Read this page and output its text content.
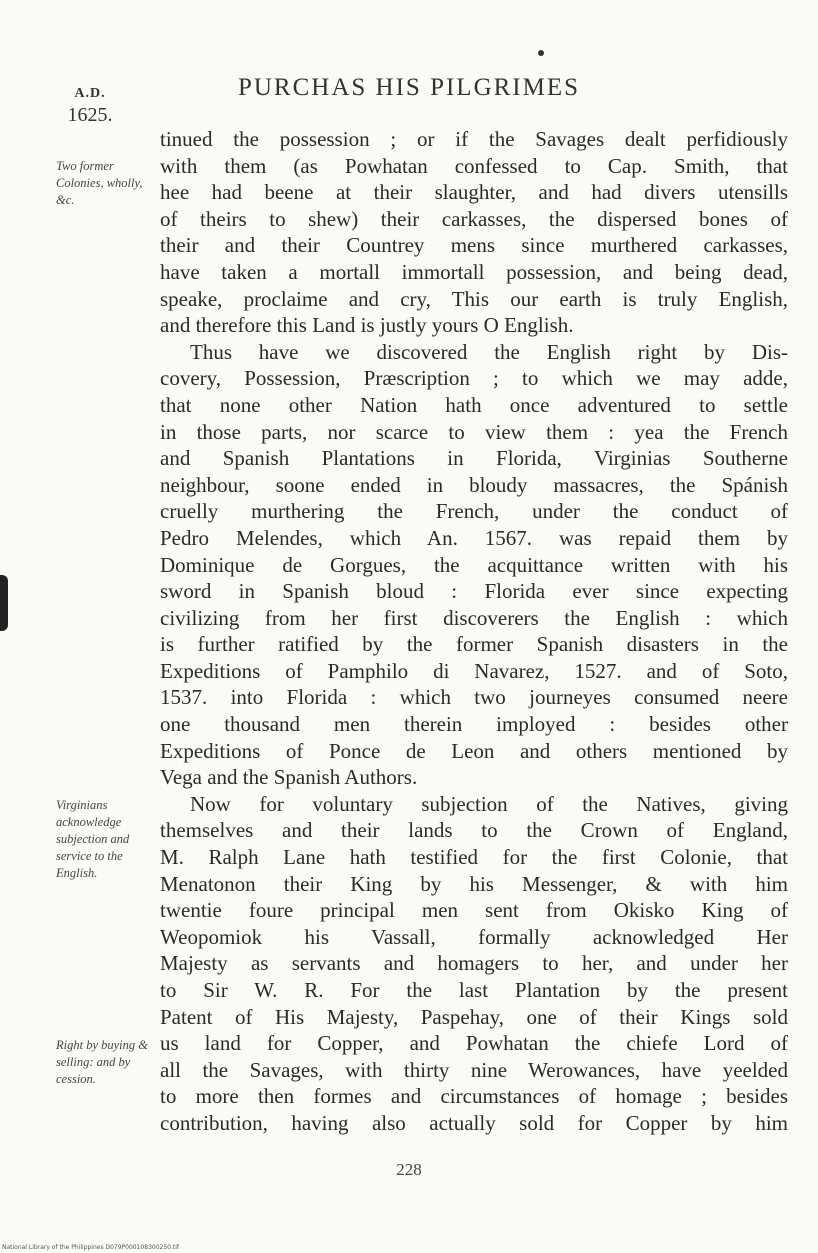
PURCHAS HIS PILGRIMES
A.D.
1625.
Two former Colonies, wholly, &c.
Virginians acknowledge subjection and service to the English.
Right by buying & selling: and by cession.
tinued the possession ; or if the Savages dealt perfidiously
with them (as Powhatan confessed to Cap. Smith, that
hee had beene at their slaughter, and had divers utensills
of theirs to shew) their carkasses, the dispersed bones of
their and their Countrey mens since murthered carkasses,
have taken a mortall immortall possession, and being dead,
speake, proclaime and cry, This our earth is truly English,
and therefore this Land is justly yours O English.
Thus have we discovered the English right by Dis-
covery, Possession, Præscription ; to which we may adde,
that none other Nation hath once adventured to settle
in those parts, nor scarce to view them : yea the French
and Spanish Plantations in Florida, Virginias Southerne
neighbour, soone ended in bloudy massacres, the Spánish
cruelly murthering the French, under the conduct of
Pedro Melendes, which An. 1567. was repaid them by
Dominique de Gorgues, the acquittance written with his
sword in Spanish bloud : Florida ever since expecting
civilizing from her first discoverers the English : which
is further ratified by the former Spanish disasters in the
Expeditions of Pamphilo di Navarez, 1527. and of Soto,
1537. into Florida : which two journeyes consumed neere
one thousand men therein imployed : besides other
Expeditions of Ponce de Leon and others mentioned by
Vega and the Spanish Authors.
Now for voluntary subjection of the Natives, giving
themselves and their lands to the Crown of England,
M. Ralph Lane hath testified for the first Colonie, that
Menatonon their King by his Messenger, & with him
twentie foure principal men sent from Okisko King of
Weopomiok his Vassall, formally acknowledged Her
Majesty as servants and homagers to her, and under her
to Sir W. R. For the last Plantation by the present
Patent of His Majesty, Paspehay, one of their Kings sold
us land for Copper, and Powhatan the chiefe Lord of
all the Savages, with thirty nine Werowances, have yeelded
to more then formes and circumstances of homage ; besides
contribution, having also actually sold for Copper by him
228
National Library of the Philippines D079P000108300250.tif
